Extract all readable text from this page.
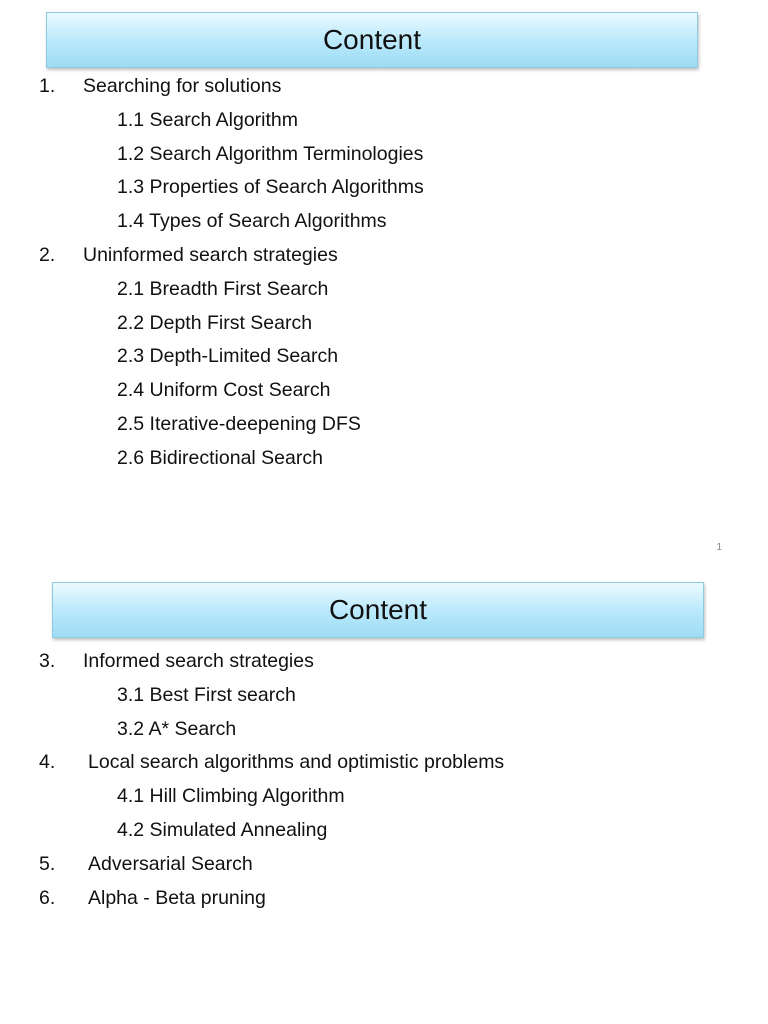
Content
1. Searching for solutions
1.1 Search Algorithm
1.2 Search Algorithm Terminologies
1.3 Properties of Search Algorithms
1.4 Types of Search Algorithms
2. Uninformed search strategies
2.1 Breadth First Search
2.2 Depth First Search
2.3 Depth-Limited Search
2.4 Uniform Cost Search
2.5 Iterative-deepening DFS
2.6 Bidirectional Search
1
Content
3. Informed search strategies
3.1 Best First search
3.2 A* Search
4. Local search algorithms and optimistic problems
4.1 Hill Climbing Algorithm
4.2 Simulated Annealing
5. Adversarial Search
6. Alpha - Beta pruning
